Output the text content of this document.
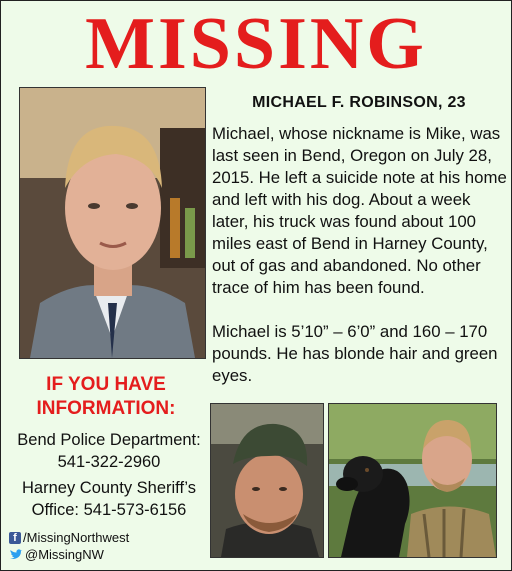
MISSING
MICHAEL F. ROBINSON, 23
Michael, whose nickname is Mike, was last seen in Bend, Oregon on July 28, 2015. He left a suicide note at his home and left with his dog. About a week later, his truck was found about 100 miles east of Bend in Harney County, out of gas and abandoned. No other trace of him has been found.
Michael is 5’10” – 6’0” and 160 – 170 pounds. He has blonde hair and green eyes.
IF YOU HAVE
INFORMATION:
Bend Police Department:
541-322-2960
Harney County Sheriff’s
Office: 541-573-6156
f /MissingNorthwest
@MissingNW
